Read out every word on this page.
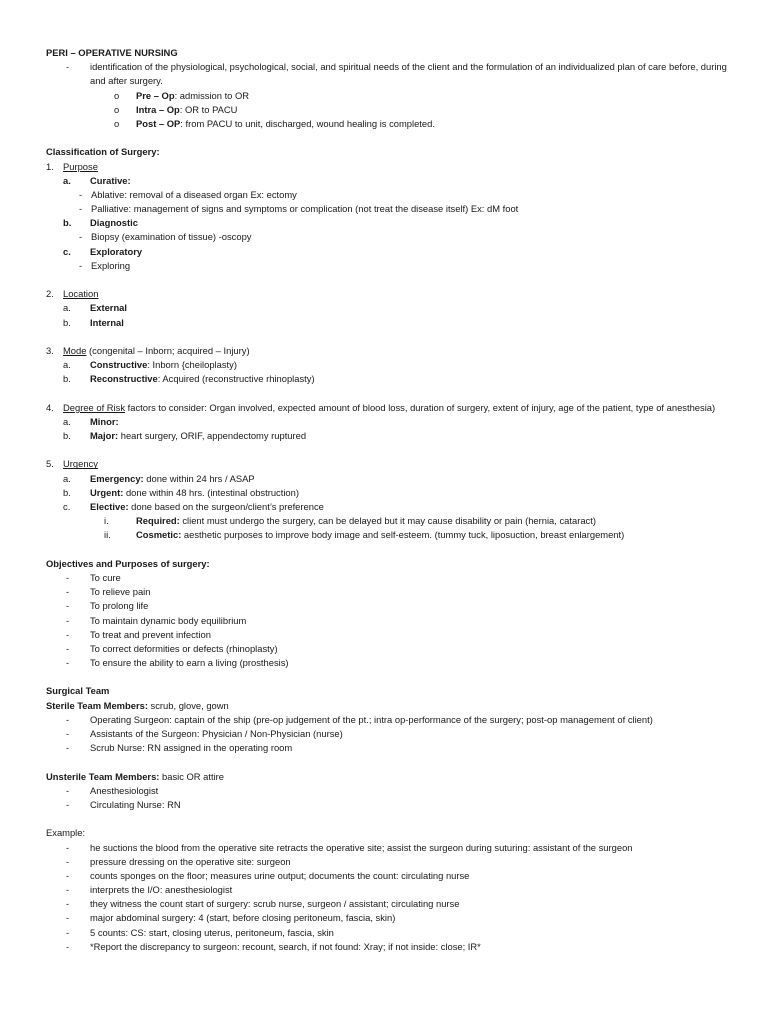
PERI – OPERATIVE NURSING
- identification of the physiological, psychological, social, and spiritual needs of the client and the formulation of an individualized plan of care before, during and after surgery.
o Pre – Op: admission to OR
o Intra – Op: OR to PACU
o Post – OP: from PACU to unit, discharged, wound healing is completed.
Classification of Surgery:
1. Purpose
a. Curative:
- Ablative: removal of a diseased organ Ex: ectomy
- Palliative: management of signs and symptoms or complication (not treat the disease itself) Ex: dM foot
b. Diagnostic
- Biopsy (examination of tissue) -oscopy
c. Exploratory
- Exploring
2. Location
a. External
b. Internal
3. Mode (congenital – Inborn; acquired – Injury)
a. Constructive: Inborn {cheiloplasty)
b. Reconstructive: Acquired (reconstructive rhinoplasty)
4. Degree of Risk factors to consider: Organ involved, expected amount of blood loss, duration of surgery, extent of injury, age of the patient, type of anesthesia)
a. Minor:
b. Major: heart surgery, ORIF, appendectomy ruptured
5. Urgency
a. Emergency: done within 24 hrs / ASAP
b. Urgent: done within 48 hrs. (intestinal obstruction)
c. Elective: done based on the surgeon/client’s preference
i.	Required: client must undergo the surgery, can be delayed but it may cause disability or pain (hernia, cataract)
ii.	Cosmetic: aesthetic purposes to improve body image and self-esteem. (tummy tuck, liposuction, breast enlargement)
Objectives and Purposes of surgery:
- To cure
- To relieve pain
- To prolong life
- To maintain dynamic body equilibrium
- To treat and prevent infection
- To correct deformities or defects (rhinoplasty)
- To ensure the ability to earn a living (prosthesis)
Surgical Team
Sterile Team Members: scrub, glove, gown
- Operating Surgeon: captain of the ship (pre-op judgement of the pt.; intra op-performance of the surgery; post-op management of client)
- Assistants of the Surgeon: Physician / Non-Physician (nurse)
- Scrub Nurse: RN assigned in the operating room
Unsterile Team Members: basic OR attire
- Anesthesiologist
- Circulating Nurse: RN
Example:
- he suctions the blood from the operative site retracts the operative site; assist the surgeon during suturing: assistant of the surgeon
- pressure dressing on the operative site: surgeon
- counts sponges on the floor; measures urine output; documents the count: circulating nurse
- interprets the I/O: anesthesiologist
- they witness the count start of surgery: scrub nurse, surgeon / assistant; circulating nurse
- major abdominal surgery: 4 (start, before closing peritoneum, fascia, skin)
- 5 counts: CS: start, closing uterus, peritoneum, fascia, skin
- *Report the discrepancy to surgeon: recount, search, if not found: Xray; if not inside: close; IR*
